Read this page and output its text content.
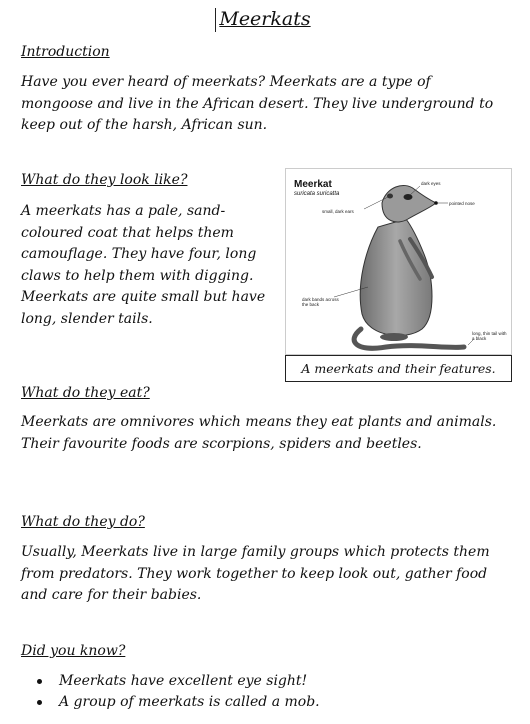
Meerkats
Introduction

Have you ever heard of meerkats? Meerkats are a type of mongoose and live in the African desert. They live underground to keep out of the harsh, African sun.

What do they look like?

A meerkats has a pale, sand-coloured coat that helps them camouflage. They have four, long claws to help them with digging. Meerkats are quite small but have long, slender tails.

Meerkat
suricata suricatta
dark eyes
pointed nose
small, dark ears
dark bands across the back
long, thin tail with a black
A meerkats and their features.
What do they eat?

Meerkats are omnivores which means they eat plants and animals. Their favourite foods are scorpions, spiders and beetles.

What do they do?

Usually, Meerkats live in large family groups which protects them from predators. They work together to keep look out, gather food and care for their babies.

Did you know?
Meerkats have excellent eye sight!
A group of meerkats is called a mob.
